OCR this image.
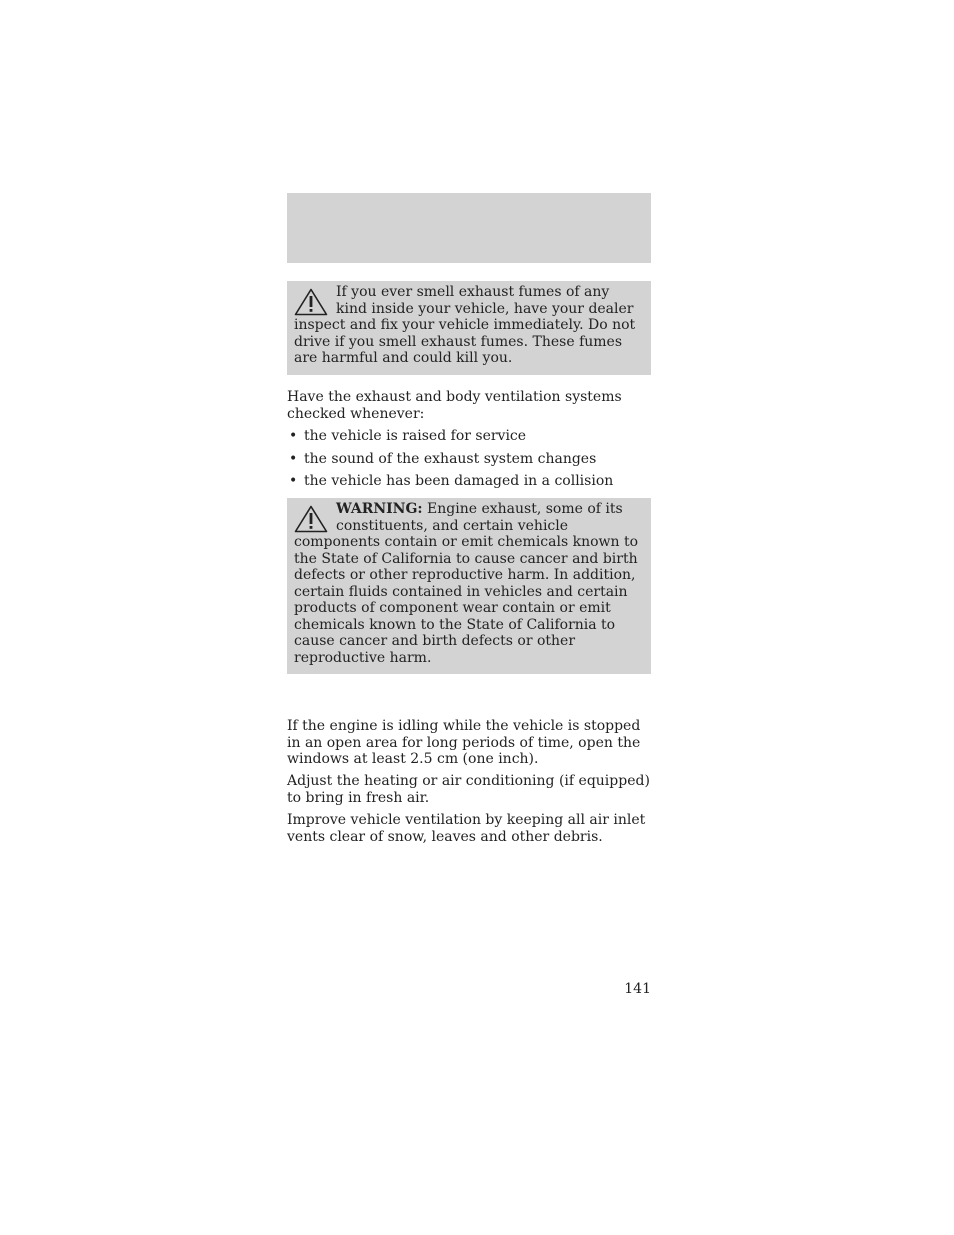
If you ever smell exhaust fumes of any kind inside your vehicle, have your dealer inspect and fix your vehicle immediately. Do not drive if you smell exhaust fumes. These fumes are harmful and could kill you.

Have the exhaust and body ventilation systems checked whenever:

• the vehicle is raised for service
• the sound of the exhaust system changes
• the vehicle has been damaged in a collision

WARNING: Engine exhaust, some of its constituents, and certain vehicle components contain or emit chemicals known to the State of California to cause cancer and birth defects or other reproductive harm. In addition, certain fluids contained in vehicles and certain products of component wear contain or emit chemicals known to the State of California to cause cancer and birth defects or other reproductive harm.

If the engine is idling while the vehicle is stopped in an open area for long periods of time, open the windows at least 2.5 cm (one inch).

Adjust the heating or air conditioning (if equipped) to bring in fresh air.

Improve vehicle ventilation by keeping all air inlet vents clear of snow, leaves and other debris.

141
